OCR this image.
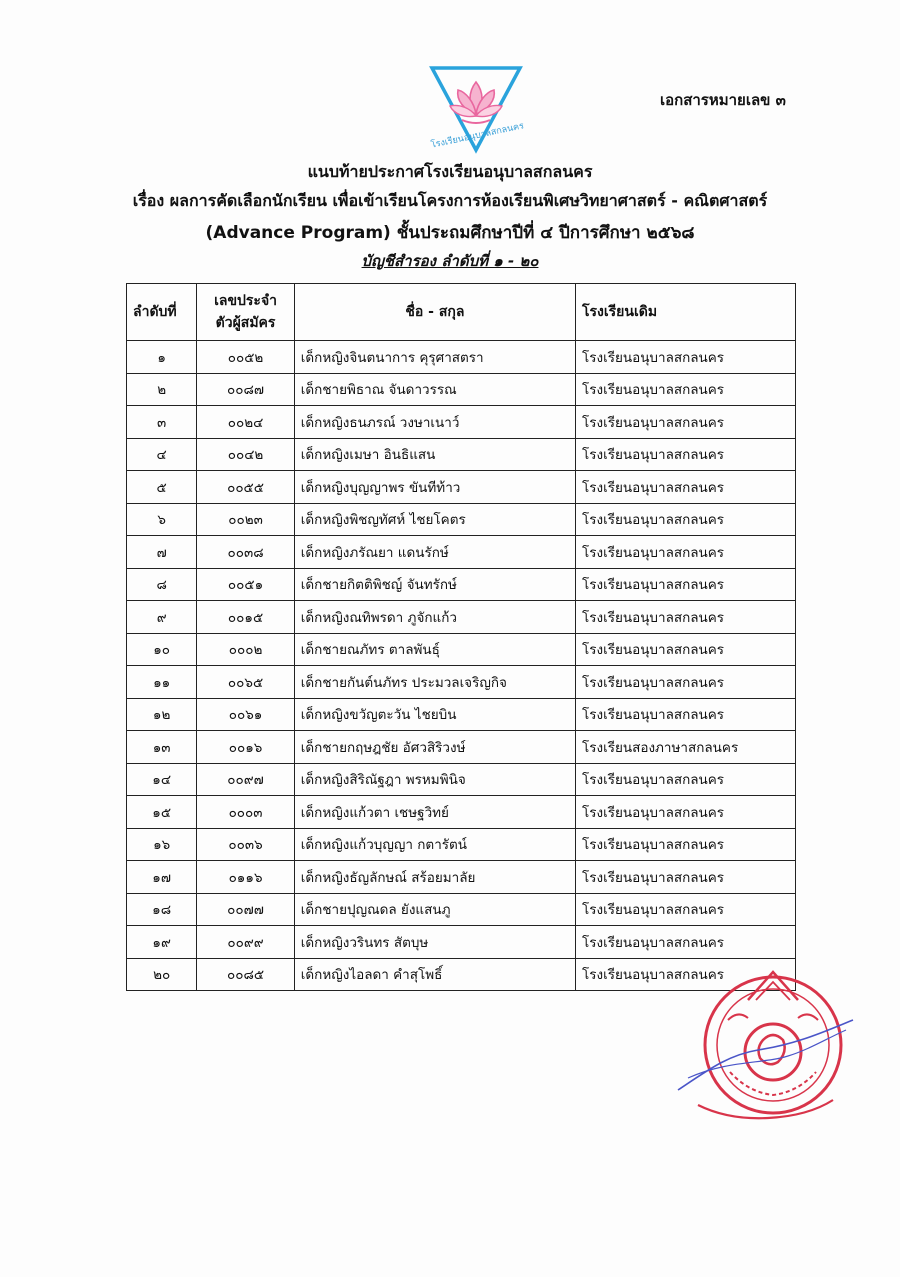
เอกสารหมายเลข ๓
โรงเรียนอนุบาลสกลนคร
แนบท้ายประกาศโรงเรียนอนุบาลสกลนคร
เรื่อง ผลการคัดเลือกนักเรียน เพื่อเข้าเรียนโครงการห้องเรียนพิเศษวิทยาศาสตร์ - คณิตศาสตร์
(Advance Program) ชั้นประถมศึกษาปีที่ ๔ ปีการศึกษา ๒๕๖๘
บัญชีสำรอง ลำดับที่ ๑ - ๒๐
ลำดับที่	เลขประจำตัวผู้สมัคร	ชื่อ - สกุล	โรงเรียนเดิม
๑	๐๐๕๒	เด็กหญิงจินตนาการ คุรุศาสตรา	โรงเรียนอนุบาลสกลนคร
๒	๐๐๘๗	เด็กชายพิธาณ จันดาวรรณ	โรงเรียนอนุบาลสกลนคร
๓	๐๐๒๔	เด็กหญิงธนภรณ์ วงษาเนาว์	โรงเรียนอนุบาลสกลนคร
๔	๐๐๔๒	เด็กหญิงเมษา อินธิแสน	โรงเรียนอนุบาลสกลนคร
๕	๐๐๕๕	เด็กหญิงบุญญาพร ขันทีท้าว	โรงเรียนอนุบาลสกลนคร
๖	๐๐๒๓	เด็กหญิงพิชญทัศห์ ไชยโคตร	โรงเรียนอนุบาลสกลนคร
๗	๐๐๓๘	เด็กหญิงภรัณยา แดนรักษ์	โรงเรียนอนุบาลสกลนคร
๘	๐๐๕๑	เด็กชายกิตติพิชญ์ จันทรักษ์	โรงเรียนอนุบาลสกลนคร
๙	๐๐๑๕	เด็กหญิงณทิพรดา ภูจักแก้ว	โรงเรียนอนุบาลสกลนคร
๑๐	๐๐๐๒	เด็กชายณภัทร ตาลพันธุ์	โรงเรียนอนุบาลสกลนคร
๑๑	๐๐๖๕	เด็กชายกันต์นภัทร ประมวลเจริญกิจ	โรงเรียนอนุบาลสกลนคร
๑๒	๐๐๖๑	เด็กหญิงขวัญตะวัน ไชยบิน	โรงเรียนอนุบาลสกลนคร
๑๓	๐๐๑๖	เด็กชายกฤษฎชัย อัศวสิริวงษ์	โรงเรียนสองภาษาสกลนคร
๑๔	๐๐๙๗	เด็กหญิงสิริณัฐฎา พรหมพินิจ	โรงเรียนอนุบาลสกลนคร
๑๕	๐๐๐๓	เด็กหญิงแก้วตา เชษฐวิทย์	โรงเรียนอนุบาลสกลนคร
๑๖	๐๐๓๖	เด็กหญิงแก้วบุญญา กตารัตน์	โรงเรียนอนุบาลสกลนคร
๑๗	๐๑๑๖	เด็กหญิงธัญลักษณ์ สร้อยมาลัย	โรงเรียนอนุบาลสกลนคร
๑๘	๐๐๗๗	เด็กชายปุญณดล ยังแสนภู	โรงเรียนอนุบาลสกลนคร
๑๙	๐๐๙๙	เด็กหญิงวรินทร สัตบุษ	โรงเรียนอนุบาลสกลนคร
๒๐	๐๐๘๕	เด็กหญิงไอลดา คำสุโพธิ์	โรงเรียนอนุบาลสกลนคร
